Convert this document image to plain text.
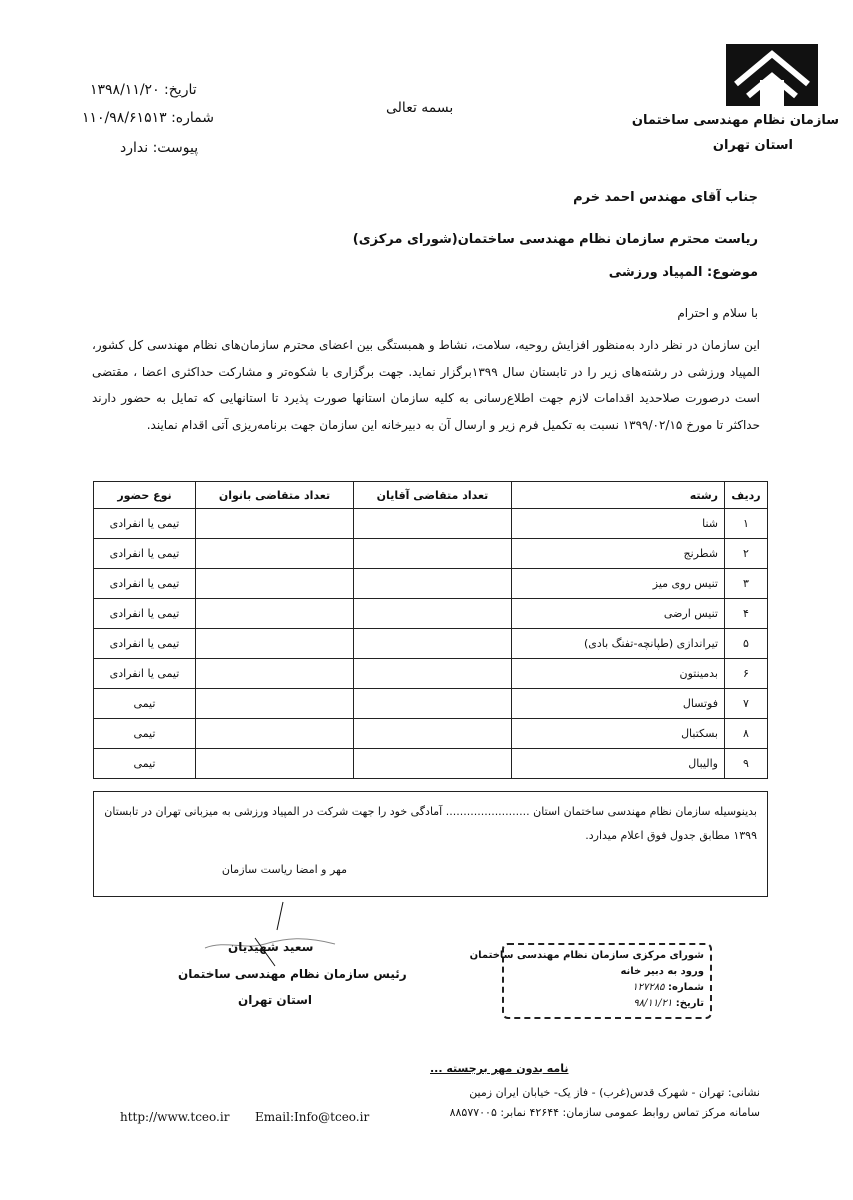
سازمان نظام مهندسی ساختمان
استان تهران
بسمه تعالی
تاریخ: ۱۳۹۸/۱۱/۲۰
شماره: ۱۱۰/۹۸/۶۱۵۱۳
پیوست: ندارد
جناب آقای مهندس احمد خرم
ریاست محترم سازمان نظام مهندسی ساختمان(شورای مرکزی)
موضوع: المپیاد ورزشی
با سلام و احترام
این سازمان در نظر دارد به‌منظور افزایش روحیه، سلامت، نشاط و همبستگی بین اعضای محترم سازمان‌های نظام مهندسی کل کشور، المپیاد ورزشی در رشته‌های زیر را در تابستان سال ۱۳۹۹برگزار نماید. جهت برگزاری با شکوه‌تر و مشارکت حداکثری اعضا ، مقتضی است درصورت صلاحدید اقدامات لازم جهت اطلاع‌رسانی به کلیه سازمان استانها صورت پذیرد تا استانهایی که تمایل به حضور دارند حداکثر تا مورخ ۱۳۹۹/۰۲/۱۵ نسبت به تکمیل فرم زیر و ارسال آن به دبیرخانه این سازمان جهت برنامه‌ریزی آتی اقدام نمایند.
ردیف	رشته	تعداد متقاضی آقایان	تعداد متقاضی بانوان	نوع حضور
۱	شنا			تیمی یا انفرادی
۲	شطرنج			تیمی یا انفرادی
۳	تنیس روی میز			تیمی یا انفرادی
۴	تنیس ارضی			تیمی یا انفرادی
۵	تیراندازی (طپانچه-تفنگ بادی)			تیمی یا انفرادی
۶	بدمینتون			تیمی یا انفرادی
۷	فوتسال			تیمی
۸	بسکتبال			تیمی
۹	والیبال			تیمی

بدینوسیله سازمان نظام مهندسی ساختمان استان ........................ آمادگی خود را جهت شرکت در المپیاد ورزشی به میزبانی تهران در تابستان

۱۳۹۹ مطابق جدول فوق اعلام میدارد.

مهر و امضا ریاست سازمان

سعید شهیدیان
رئیس سازمان نظام مهندسی ساختمان
استان تهران
شورای مرکزی سازمان نظام مهندسی ساختمان
ورود به دبیر خانه
شماره: ۱۲۷۲۸۵
تاریخ: ۹۸/۱۱/۲۱
نامه بدون مهر برجسته ...
نشانی: تهران - شهرک قدس(غرب) - فاز یک- خیابان ایران زمین
سامانه مرکز تماس روابط عمومی سازمان: ۴۲۶۴۴ نمابر: ۸۸۵۷۷۰۰۵
http://www.tceo.ir Email:Info@tceo.ir
